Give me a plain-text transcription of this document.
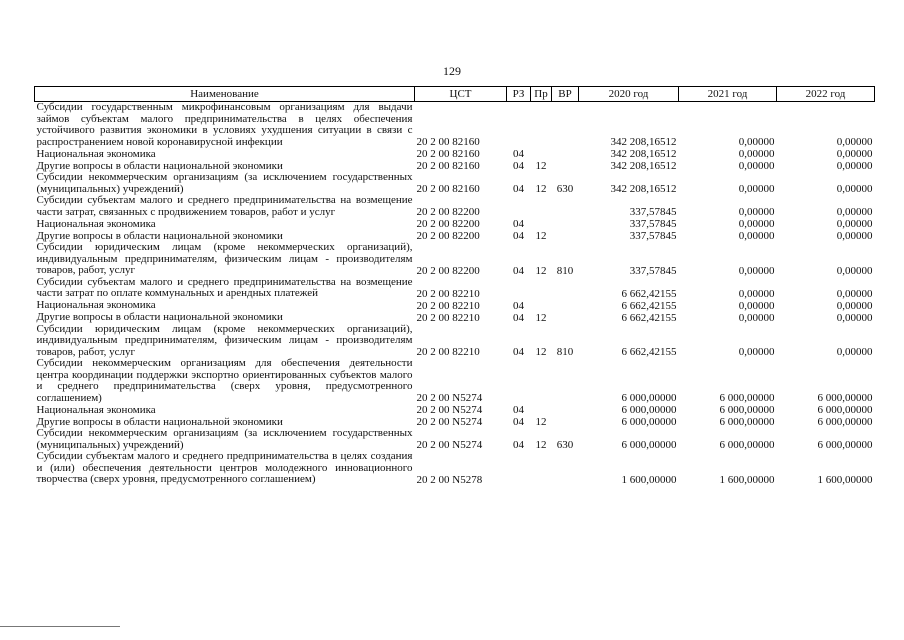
129
Наименование	ЦСТ	РЗ	Пр	ВР	2020 год	2021 год	2022 год
Субсидии государственным микрофинансовым организациям для выдачи займов субъектам малого предпринимательства в целях обеспечения устойчивого развития экономики в условиях ухудшения ситуации в связи с распространением новой коронавирусной инфекции	20 2 00 82160				342 208,16512	0,00000	0,00000
Национальная экономика	20 2 00 82160	04			342 208,16512	0,00000	0,00000
Другие вопросы в области национальной экономики	20 2 00 82160	04	12		342 208,16512	0,00000	0,00000
Субсидии некоммерческим организациям (за исключением государственных (муниципальных) учреждений)	20 2 00 82160	04	12	630	342 208,16512	0,00000	0,00000
Субсидии субъектам малого и среднего предпринимательства на возмещение части затрат, связанных с продвижением товаров, работ и услуг	20 2 00 82200				337,57845	0,00000	0,00000
Национальная экономика	20 2 00 82200	04			337,57845	0,00000	0,00000
Другие вопросы в области национальной экономики	20 2 00 82200	04	12		337,57845	0,00000	0,00000
Субсидии юридическим лицам (кроме некоммерческих организаций), индивидуальным предпринимателям, физическим лицам - производителям товаров, работ, услуг	20 2 00 82200	04	12	810	337,57845	0,00000	0,00000
Субсидии субъектам малого и среднего предпринимательства на возмещение части затрат по оплате коммунальных и арендных платежей	20 2 00 82210				6 662,42155	0,00000	0,00000
Национальная экономика	20 2 00 82210	04			6 662,42155	0,00000	0,00000
Другие вопросы в области национальной экономики	20 2 00 82210	04	12		6 662,42155	0,00000	0,00000
Субсидии юридическим лицам (кроме некоммерческих организаций), индивидуальным предпринимателям, физическим лицам - производителям товаров, работ, услуг	20 2 00 82210	04	12	810	6 662,42155	0,00000	0,00000
Субсидии некоммерческим организациям для обеспечения деятельности центра координации поддержки экспортно ориентированных субъектов малого и среднего предпринимательства (сверх уровня, предусмотренного соглашением)	20 2 00 N5274				6 000,00000	6 000,00000	6 000,00000
Национальная экономика	20 2 00 N5274	04			6 000,00000	6 000,00000	6 000,00000
Другие вопросы в области национальной экономики	20 2 00 N5274	04	12		6 000,00000	6 000,00000	6 000,00000
Субсидии некоммерческим организациям (за исключением государственных (муниципальных) учреждений)	20 2 00 N5274	04	12	630	6 000,00000	6 000,00000	6 000,00000
Субсидии субъектам малого и среднего предпринимательства в целях создания и (или) обеспечения деятельности центров молодежного инновационного творчества (сверх уровня, предусмотренного соглашением)	20 2 00 N5278				1 600,00000	1 600,00000	1 600,00000
